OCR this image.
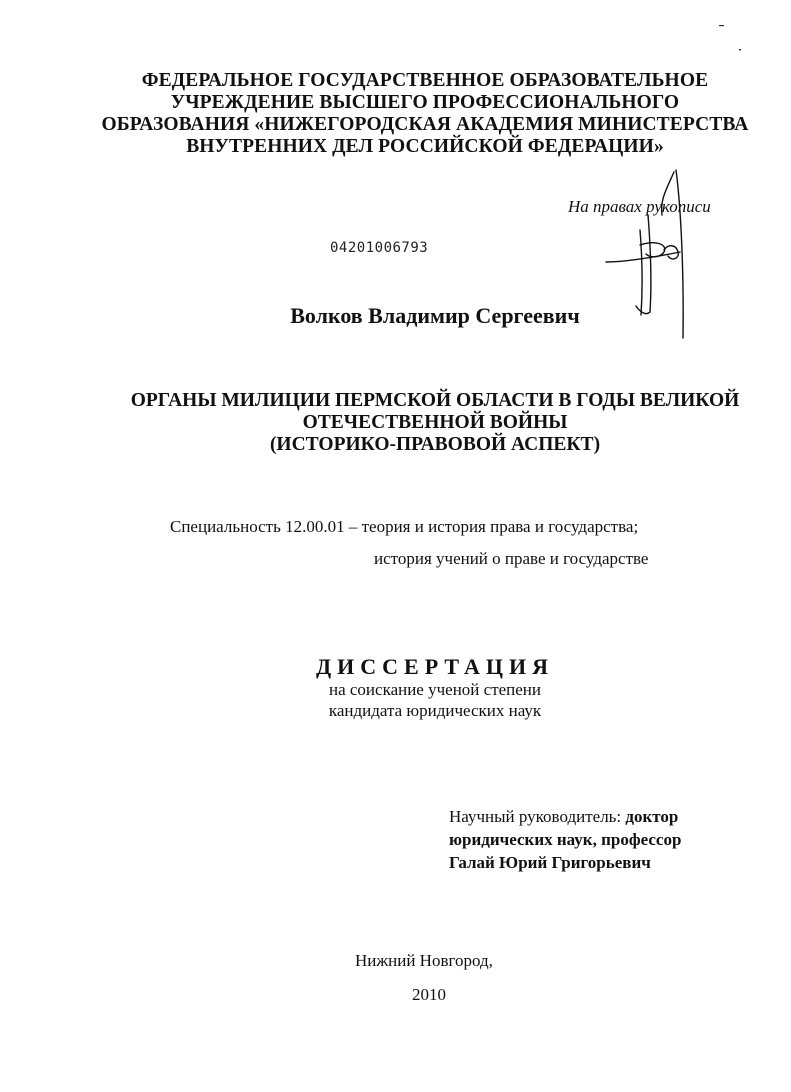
ФЕДЕРАЛЬНОЕ ГОСУДАРСТВЕННОЕ ОБРАЗОВАТЕЛЬНОЕ
УЧРЕЖДЕНИЕ ВЫСШЕГО ПРОФЕССИОНАЛЬНОГО
ОБРАЗОВАНИЯ «НИЖЕГОРОДСКАЯ АКАДЕМИЯ МИНИСТЕРСТВА
ВНУТРЕННИХ ДЕЛ РОССИЙСКОЙ ФЕДЕРАЦИИ»
На правах рукописи
04201006793
Волков Владимир Сергеевич
ОРГАНЫ МИЛИЦИИ ПЕРМСКОЙ ОБЛАСТИ В ГОДЫ ВЕЛИКОЙ
ОТЕЧЕСТВЕННОЙ ВОЙНЫ
(ИСТОРИКО-ПРАВОВОЙ АСПЕКТ)
Специальность 12.00.01 – теория и история права и государства;
история учений о праве и государстве
ДИССЕРТАЦИЯ
на соискание ученой степени
кандидата юридических наук
Научный руководитель: доктор
юридических наук, профессор
Галай Юрий Григорьевич
Нижний Новгород,
2010
